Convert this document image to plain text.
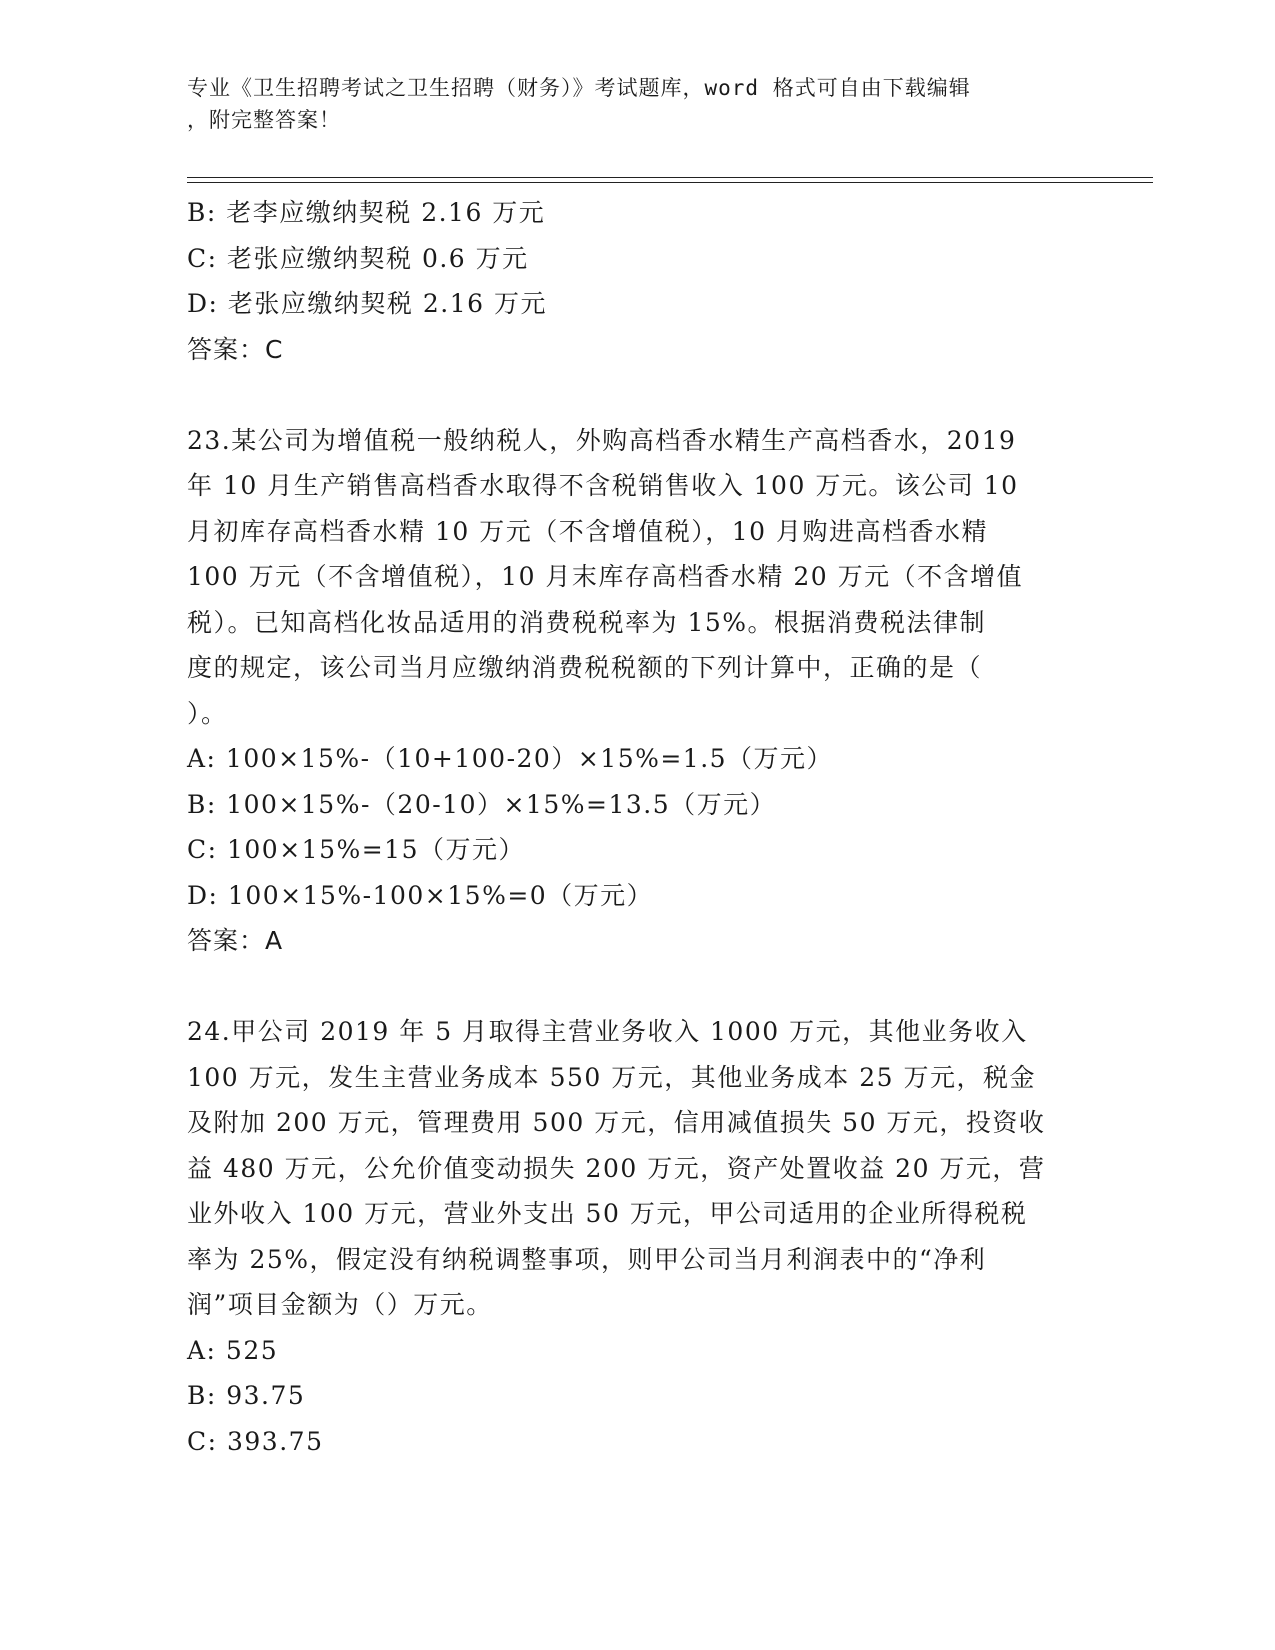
专业《卫生招聘考试之卫生招聘（财务）》考试题库，word 格式可自由下载编辑
，附完整答案！
B: 老李应缴纳契税 2.16 万元
C: 老张应缴纳契税 0.6 万元
D: 老张应缴纳契税 2.16 万元
答案：C
23.某公司为增值税一般纳税人，外购高档香水精生产高档香水，2019
年 10 月生产销售高档香水取得不含税销售收入 100 万元。该公司 10
月初库存高档香水精 10 万元（不含增值税），10 月购进高档香水精
100 万元（不含增值税），10 月末库存高档香水精 20 万元（不含增值
税）。已知高档化妆品适用的消费税税率为 15%。根据消费税法律制
度的规定，该公司当月应缴纳消费税税额的下列计算中，正确的是（
）。
A: 100×15%-（10+100-20）×15%=1.5（万元）
B: 100×15%-（20-10）×15%=13.5（万元）
C: 100×15%=15（万元）
D: 100×15%-100×15%=0（万元）
答案：A
24.甲公司 2019 年 5 月取得主营业务收入 1000 万元，其他业务收入
100 万元，发生主营业务成本 550 万元，其他业务成本 25 万元，税金
及附加 200 万元，管理费用 500 万元，信用减值损失 50 万元，投资收
益 480 万元，公允价值变动损失 200 万元，资产处置收益 20 万元，营
业外收入 100 万元，营业外支出 50 万元，甲公司适用的企业所得税税
率为 25%，假定没有纳税调整事项，则甲公司当月利润表中的“净利
润”项目金额为（）万元。
A: 525
B: 93.75
C: 393.75
